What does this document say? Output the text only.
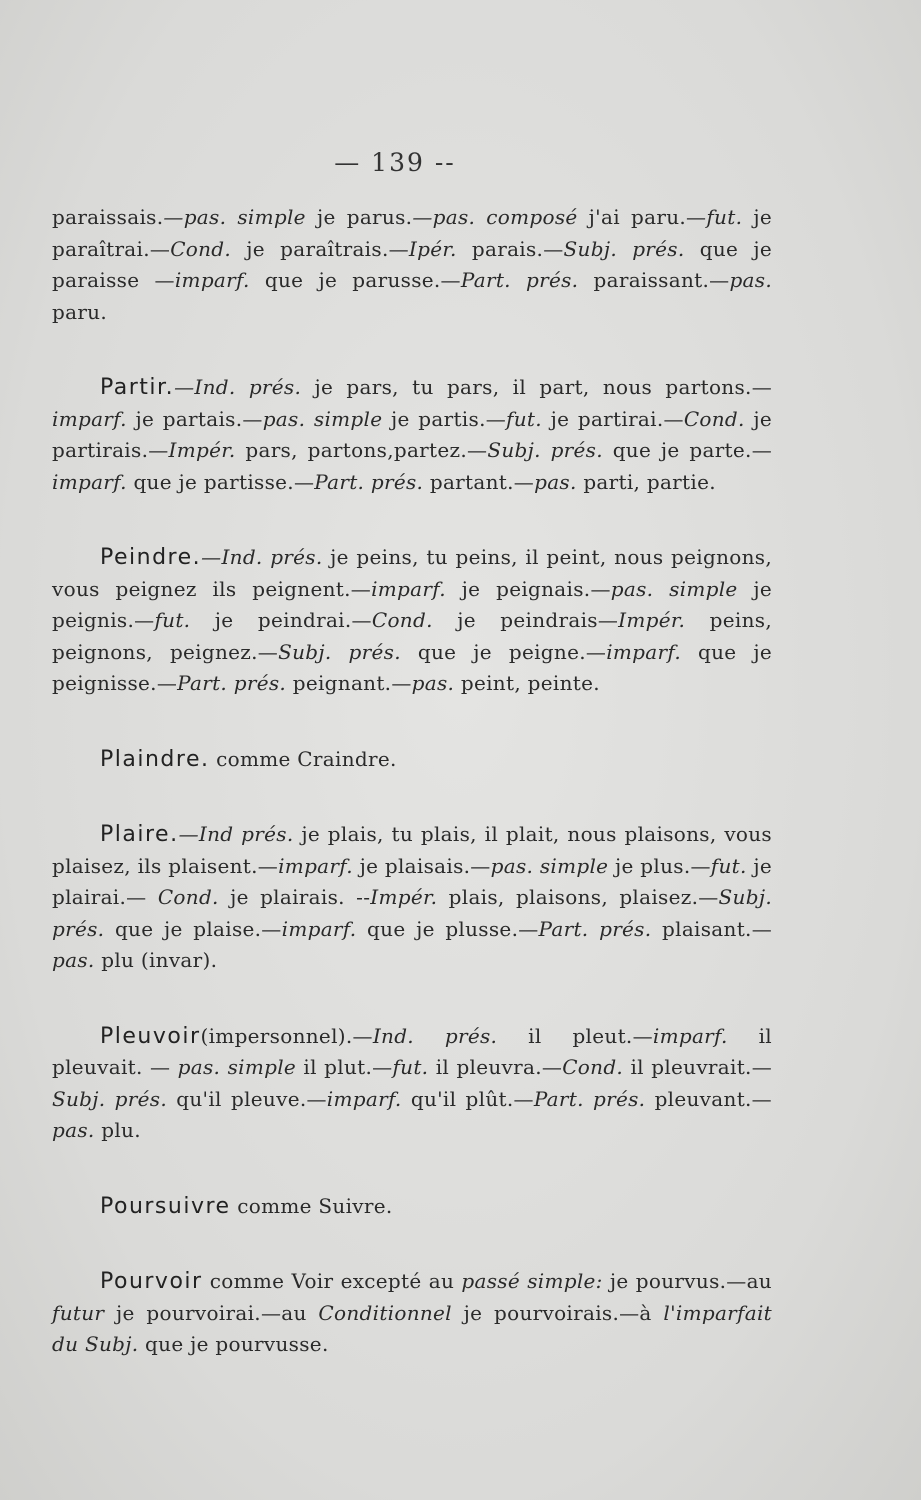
— 139 --

paraissais.—pas. simple je parus.—pas. composé j'ai paru.—fut. je paraîtrai.—Cond. je paraîtrais.—Ipér. parais.—Subj. prés. que je paraisse —imparf. que je parusse.—Part. prés. paraissant.—pas. paru.

Partir.—Ind. prés. je pars, tu pars, il part, nous partons.—imparf. je partais.—pas. simple je partis.—fut. je partirai.—Cond. je partirais.—Impér. pars, partons,partez.—Subj. prés. que je parte.—imparf. que je partisse.—Part. prés. partant.—pas. parti, partie.

Peindre.—Ind. prés. je peins, tu peins, il peint, nous peignons, vous peignez ils peignent.—imparf. je peignais.—pas. simple je peignis.—fut. je peindrai.—Cond. je peindrais—Impér. peins, peignons, peignez.—Subj. prés. que je peigne.—imparf. que je peignisse.—Part. prés. peignant.—pas. peint, peinte.

Plaindre. comme Craindre.

Plaire.—Ind prés. je plais, tu plais, il plait, nous plaisons, vous plaisez, ils plaisent.—imparf. je plaisais.—pas. simple je plus.—fut. je plairai.— Cond. je plairais. --Impér. plais, plaisons, plaisez.—Subj. prés. que je plaise.—imparf. que je plusse.—Part. prés. plaisant.—pas. plu (invar).

Pleuvoir(impersonnel).—Ind. prés. il pleut.—imparf. il pleuvait. — pas. simple il plut.—fut. il pleuvra.—Cond. il pleuvrait.—Subj. prés. qu'il pleuve.—imparf. qu'il plût.—Part. prés. pleuvant.—pas. plu.

Poursuivre comme Suivre.

Pourvoir comme Voir excepté au passé simple: je pourvus.—au futur je pourvoirai.—au Conditionnel je pourvoirais.—à l'imparfait du Subj. que je pourvusse.
